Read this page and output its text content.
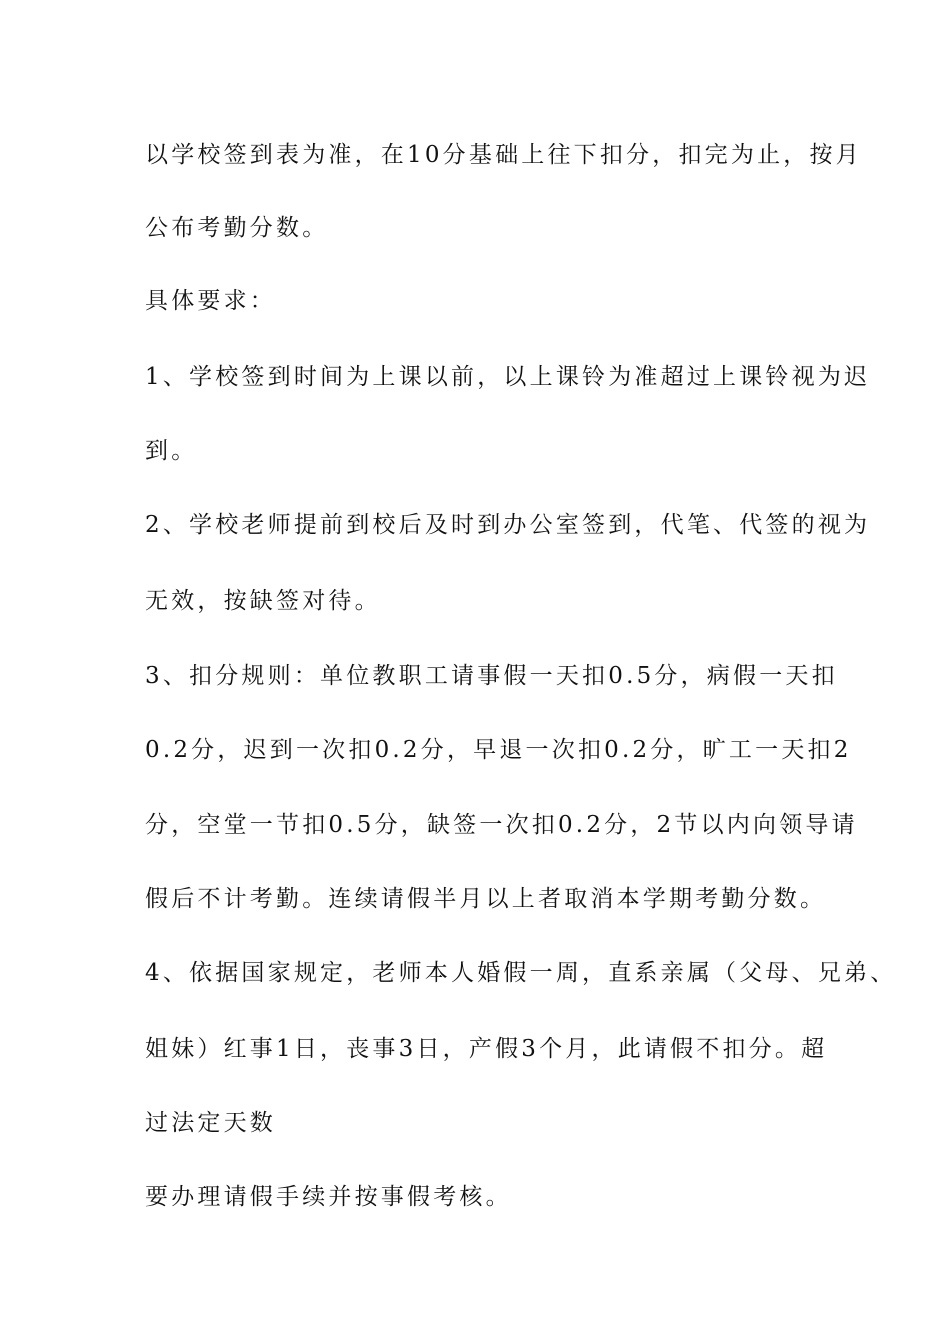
以学校签到表为准，在10分基础上往下扣分，扣完为止，按月
公布考勤分数。
具体要求：
1、学校签到时间为上课以前，以上课铃为准超过上课铃视为迟
到。
2、学校老师提前到校后及时到办公室签到，代笔、代签的视为
无效，按缺签对待。
3、扣分规则：单位教职工请事假一天扣0.5分，病假一天扣
0.2分，迟到一次扣0.2分，早退一次扣0.2分，旷工一天扣2
分，空堂一节扣0.5分，缺签一次扣0.2分，2节以内向领导请
假后不计考勤。连续请假半月以上者取消本学期考勤分数。
4、依据国家规定，老师本人婚假一周，直系亲属（父母、兄弟、
姐妹）红事1日，丧事3日，产假3个月，此请假不扣分。超
过法定天数
要办理请假手续并按事假考核。
